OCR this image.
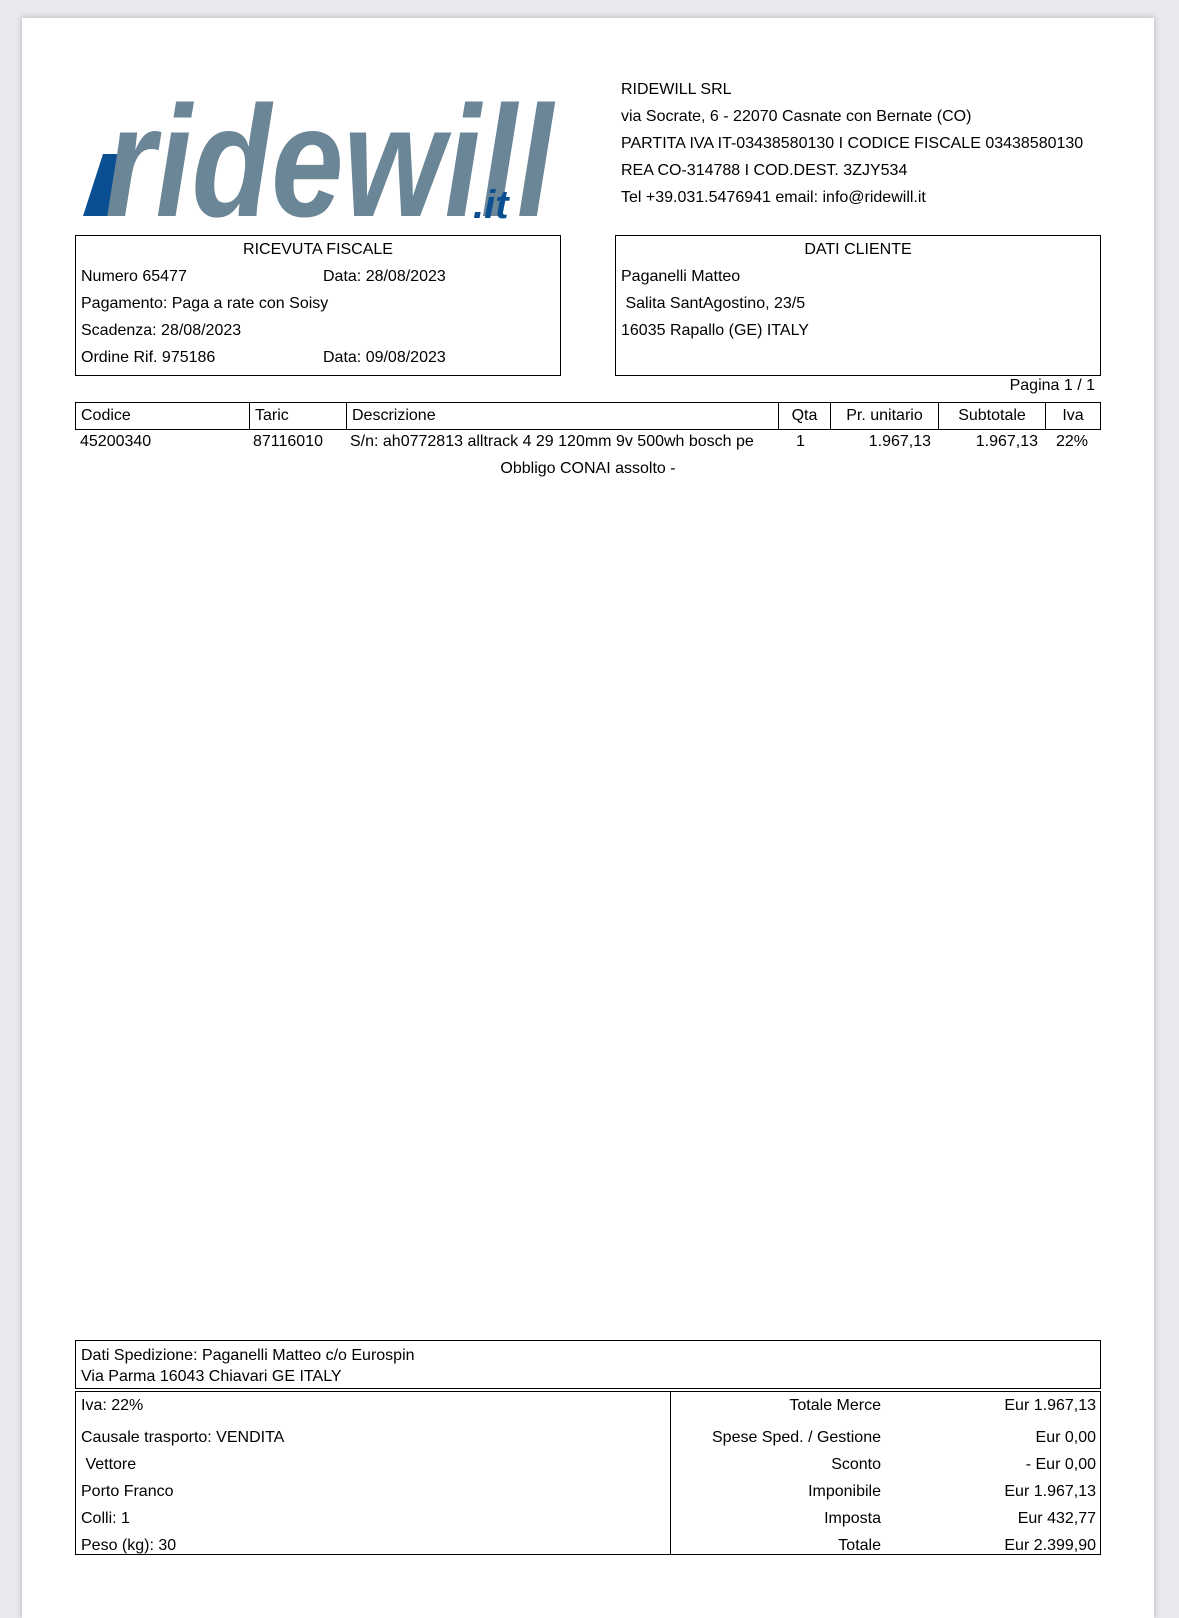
ridewill
.it
RIDEWILL SRL
via Socrate, 6 - 22070 Casnate con Bernate (CO)
PARTITA IVA IT-03438580130 I CODICE FISCALE 03438580130
REA CO-314788 I COD.DEST. 3ZJY534
Tel +39.031.5476941 email: info@ridewill.it
RICEVUTA FISCALE
Numero 65477	Data: 28/08/2023
Pagamento: Paga a rate con Soisy
Scadenza: 28/08/2023
Ordine Rif. 975186	Data: 09/08/2023
DATI CLIENTE
Paganelli Matteo
Salita SantAgostino, 23/5
16035 Rapallo (GE) ITALY
Pagina 1 / 1
Codice	Taric	Descrizione	Qta	Pr. unitario	Subtotale	Iva
45200340	87116010 S/n: ah0772813 alltrack 4 29 120mm 9v 500wh bosch pe	1	1.967,13	1.967,13 22%
Obbligo CONAI assolto -
Dati Spedizione: Paganelli Matteo c/o Eurospin
Via Parma 16043 Chiavari GE ITALY
Iva: 22%
Causale trasporto: VENDITA
Vettore
Porto Franco
Colli: 1
Peso (kg): 30
Totale Merce	Eur 1.967,13
Spese Sped. / Gestione	Eur 0,00
Sconto	- Eur 0,00
Imponibile	Eur 1.967,13
Imposta	Eur 432,77
Totale	Eur 2.399,90
